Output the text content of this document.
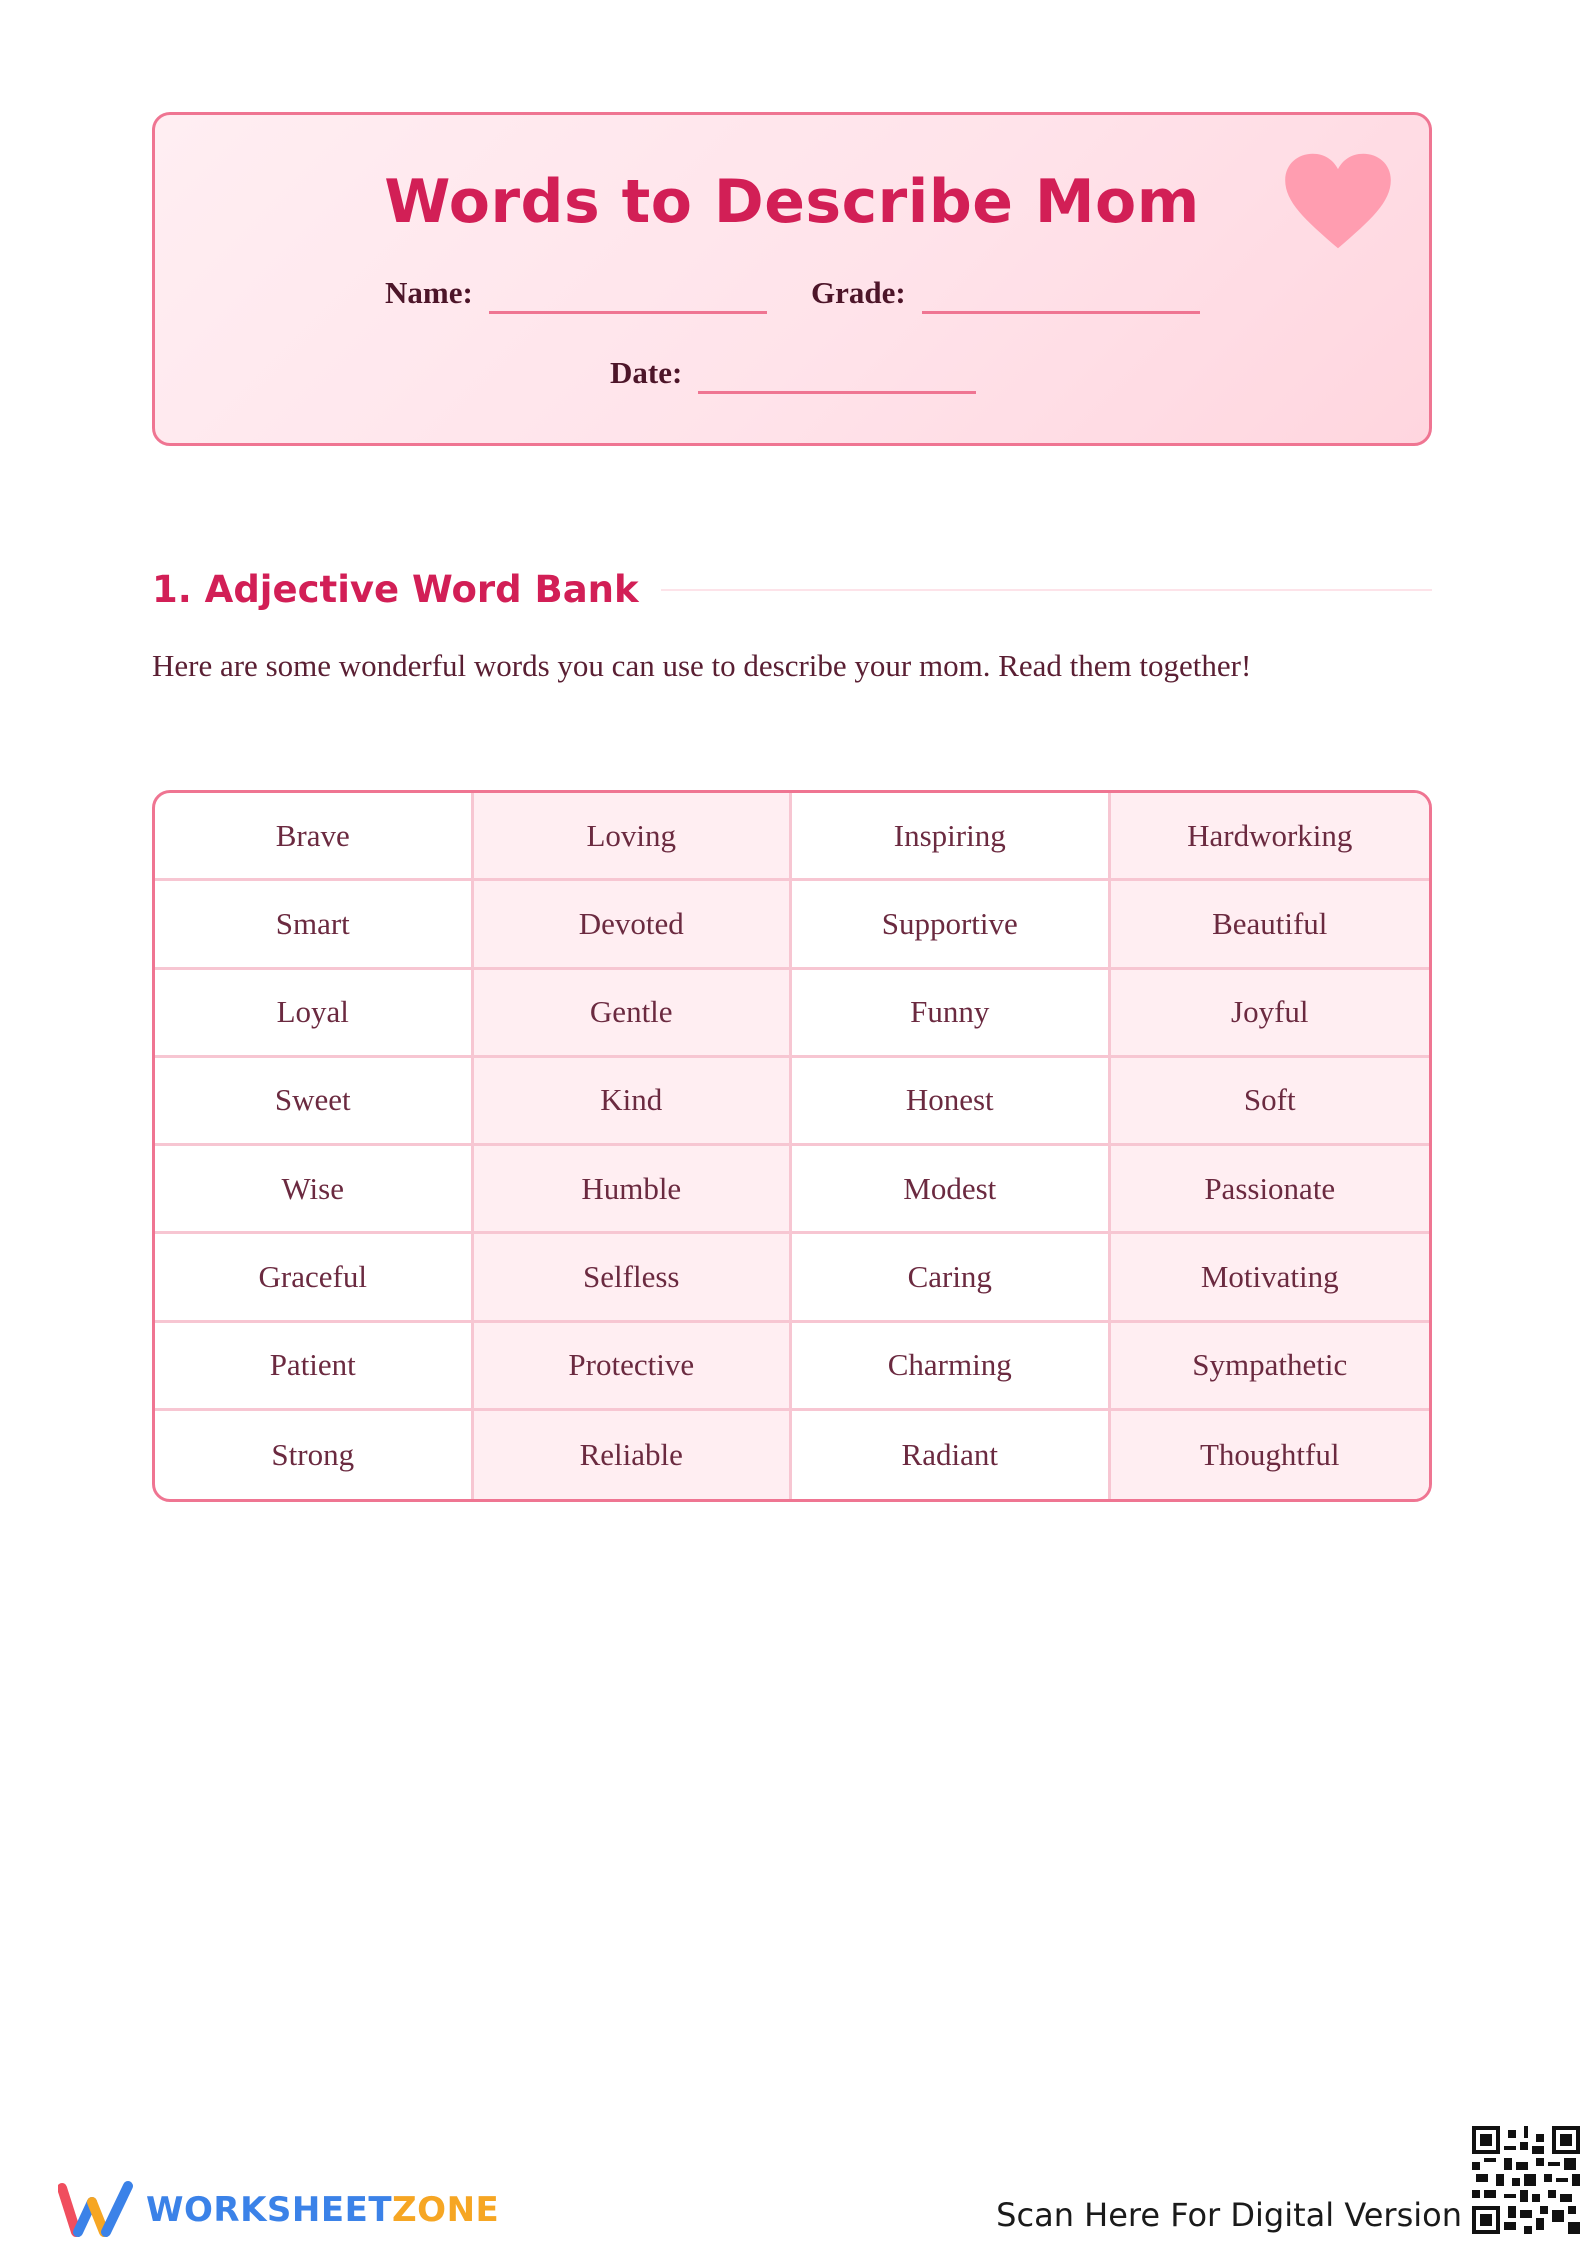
Words to Describe Mom
Name:	Grade:
Date:
1. Adjective Word Bank
Here are some wonderful words you can use to describe your mom. Read them together!
Brave	Loving	Inspiring	Hardworking
Smart	Devoted	Supportive	Beautiful
Loyal	Gentle	Funny	Joyful
Sweet	Kind	Honest	Soft
Wise	Humble	Modest	Passionate
Graceful	Selfless	Caring	Motivating
Patient	Protective	Charming	Sympathetic
Strong	Reliable	Radiant	Thoughtful
WORKSHEETZONE	Scan Here For Digital Version
